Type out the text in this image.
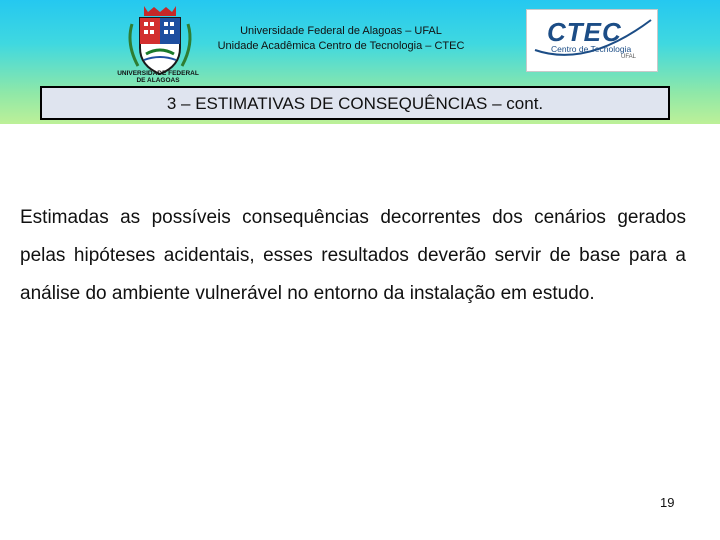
UNIVERSIDADE FEDERAL
DE ALAGOAS
Universidade Federal de Alagoas – UFAL
Unidade Acadêmica Centro de Tecnologia – CTEC	CTEC
Centro de Tecnologia
UFAL
3 – ESTIMATIVAS DE CONSEQUÊNCIAS – cont.
Estimadas as possíveis consequências decorrentes dos cenários gerados pelas hipóteses acidentais, esses resultados deverão servir de base para a análise do ambiente vulnerável no entorno da instalação em estudo.
19
